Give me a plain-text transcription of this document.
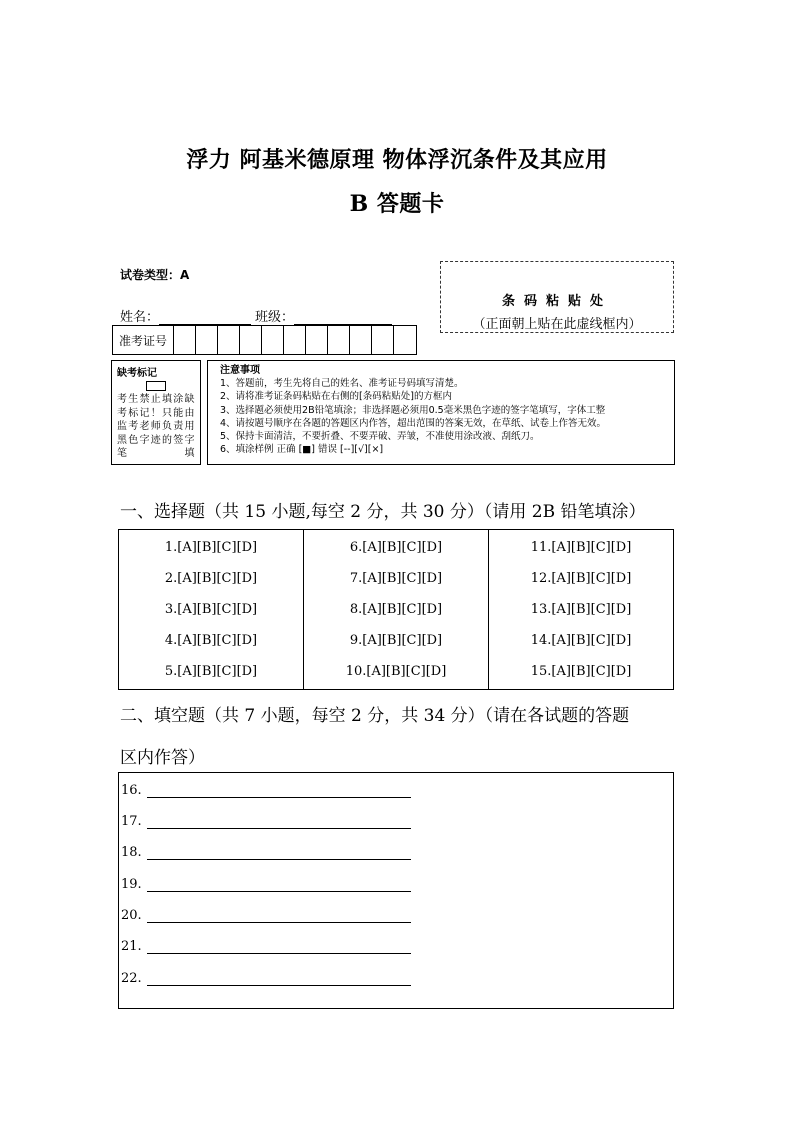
浮力 阿基米德原理 物体浮沉条件及其应用
B 答题卡
试卷类型：A
姓名：	班级：
条码粘贴处
（正面朝上贴在此虚线框内）
准考证号
缺考标记
考生禁止填涂缺考标记！只能由监考老师负责用黑色字迹的签字笔填
注意事项
1、答题前，考生先将自己的姓名、准考证号码填写清楚。
2、请将准考证条码粘贴在右侧的[条码粘贴处]的方框内
3、选择题必须使用2B铅笔填涂；非选择题必须用0.5毫米黑色字迹的签字笔填写，字体工整
4、请按题号顺序在各题的答题区内作答，超出范围的答案无效，在草纸、试卷上作答无效。
5、保持卡面清洁，不要折叠、不要弄破、弄皱，不准使用涂改液、刮纸刀。
6、填涂样例 正确 [■] 错误 [--][√][×]
一、选择题（共 15 小题,每空 2 分，共 30 分）（请用 2B 铅笔填涂）
1.[A][B][C][D]
2.[A][B][C][D]
3.[A][B][C][D]
4.[A][B][C][D]
5.[A][B][C][D]
6.[A][B][C][D]
7.[A][B][C][D]
8.[A][B][C][D]
9.[A][B][C][D]
10.[A][B][C][D]
11.[A][B][C][D]
12.[A][B][C][D]
13.[A][B][C][D]
14.[A][B][C][D]
15.[A][B][C][D]
二、填空题（共 7 小题，每空 2 分，共 34 分）（请在各试题的答题
区内作答）
16.
17.
18.
19.
20.
21.
22.
